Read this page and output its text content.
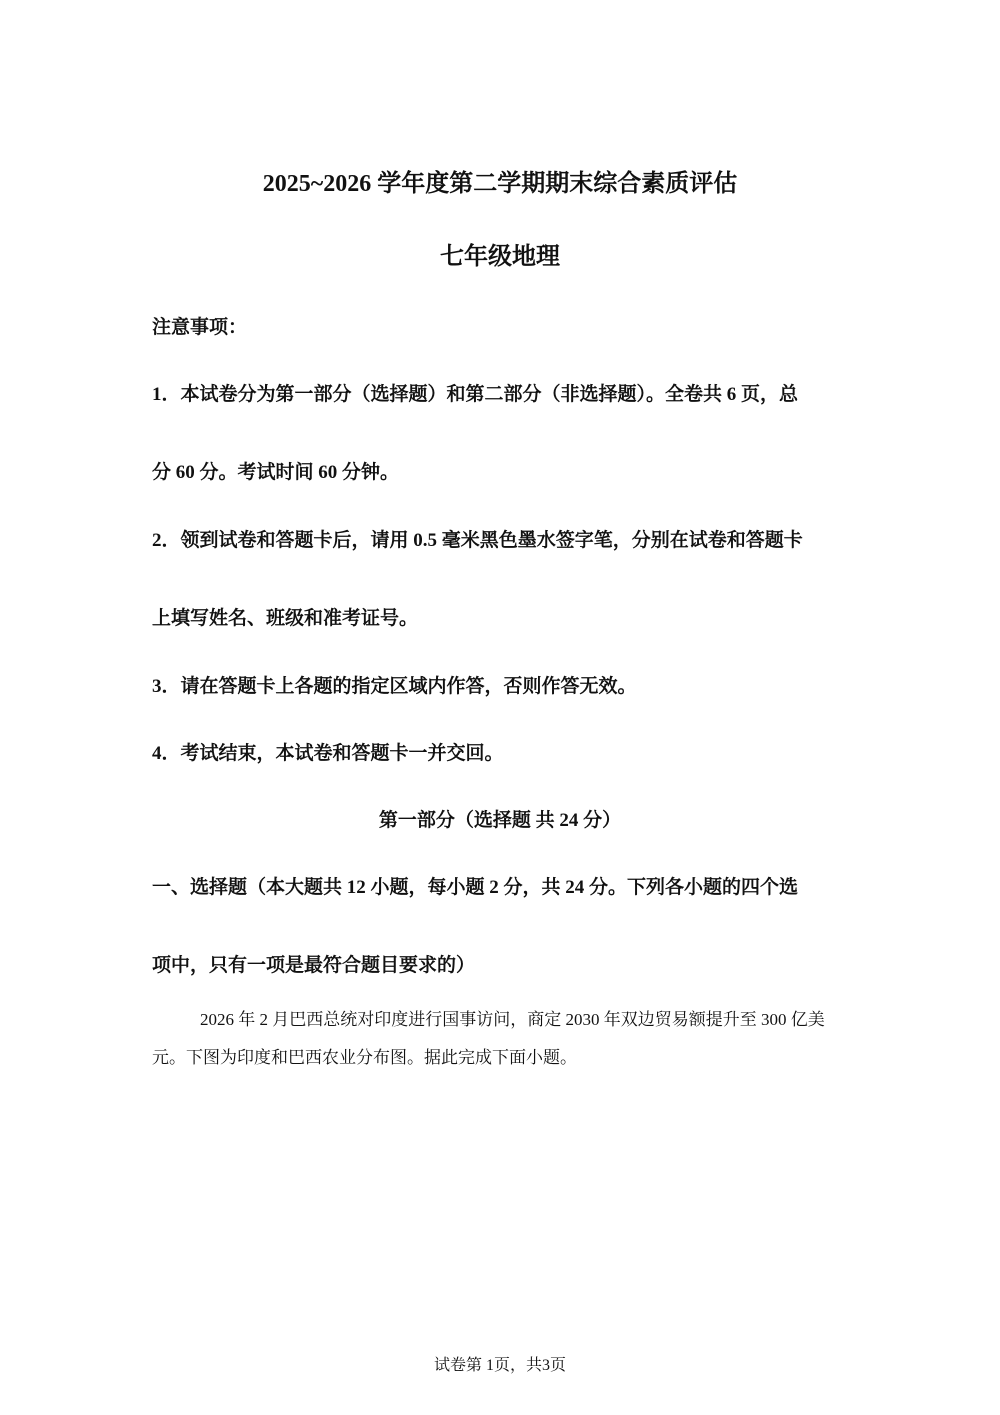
2025~2026 学年度第二学期期末综合素质评估
七年级地理
注意事项：
1．本试卷分为第一部分（选择题）和第二部分（非选择题）。全卷共 6 页，总
分 60 分。考试时间 60 分钟。
2．领到试卷和答题卡后，请用 0.5 毫米黑色墨水签字笔，分别在试卷和答题卡
上填写姓名、班级和准考证号。
3．请在答题卡上各题的指定区域内作答，否则作答无效。
4．考试结束，本试卷和答题卡一并交回。
第一部分（选择题 共 24 分）
一、选择题（本大题共 12 小题，每小题 2 分，共 24 分。下列各小题的四个选
项中，只有一项是最符合题目要求的）
2026 年 2 月巴西总统对印度进行国事访问，商定 2030 年双边贸易额提升至 300 亿美
元。下图为印度和巴西农业分布图。据此完成下面小题。
试卷第 1页，共3页
